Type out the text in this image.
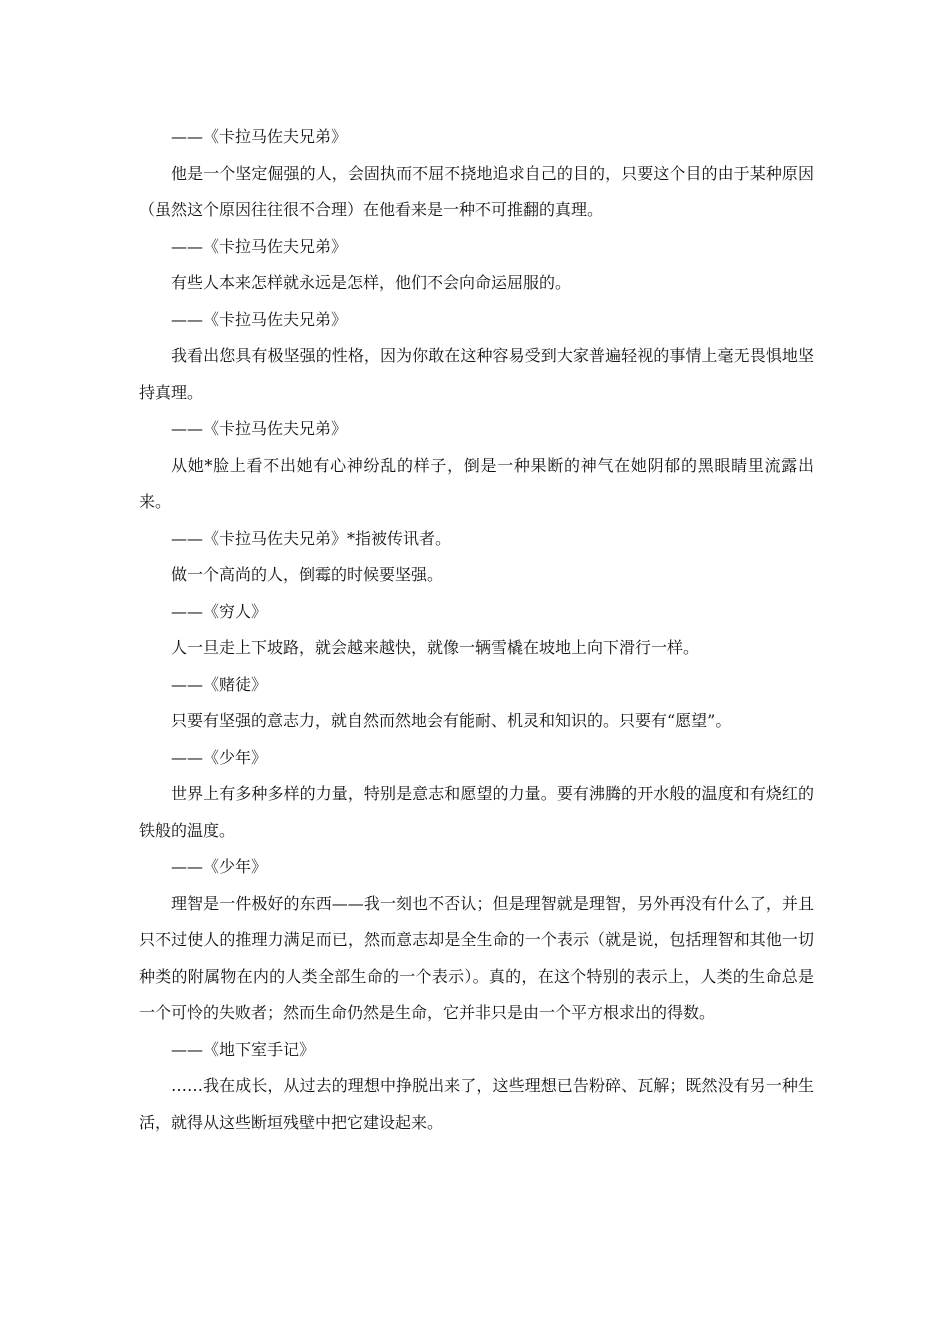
——《卡拉马佐夫兄弟》

他是一个坚定倔强的人，会固执而不屈不挠地追求自己的目的，只要这个目的由于某种原因（虽然这个原因往往很不合理）在他看来是一种不可推翻的真理。

——《卡拉马佐夫兄弟》

有些人本来怎样就永远是怎样，他们不会向命运屈服的。

——《卡拉马佐夫兄弟》

我看出您具有极坚强的性格，因为你敢在这种容易受到大家普遍轻视的事情上毫无畏惧地坚持真理。

——《卡拉马佐夫兄弟》

从她*脸上看不出她有心神纷乱的样子，倒是一种果断的神气在她阴郁的黑眼睛里流露出来。

——《卡拉马佐夫兄弟》*指被传讯者。

做一个高尚的人，倒霉的时候要坚强。

——《穷人》

人一旦走上下坡路，就会越来越快，就像一辆雪橇在坡地上向下滑行一样。

——《赌徒》

只要有坚强的意志力，就自然而然地会有能耐、机灵和知识的。只要有“愿望”。

——《少年》

世界上有多种多样的力量，特别是意志和愿望的力量。要有沸腾的开水般的温度和有烧红的铁般的温度。

——《少年》

理智是一件极好的东西——我一刻也不否认；但是理智就是理智，另外再没有什么了，并且只不过使人的推理力满足而已，然而意志却是全生命的一个表示（就是说，包括理智和其他一切种类的附属物在内的人类全部生命的一个表示）。真的，在这个特别的表示上，人类的生命总是一个可怜的失败者；然而生命仍然是生命，它并非只是由一个平方根求出的得数。

——《地下室手记》

……我在成长，从过去的理想中挣脱出来了，这些理想已告粉碎、瓦解；既然没有另一种生活，就得从这些断垣残壁中把它建设起来。
